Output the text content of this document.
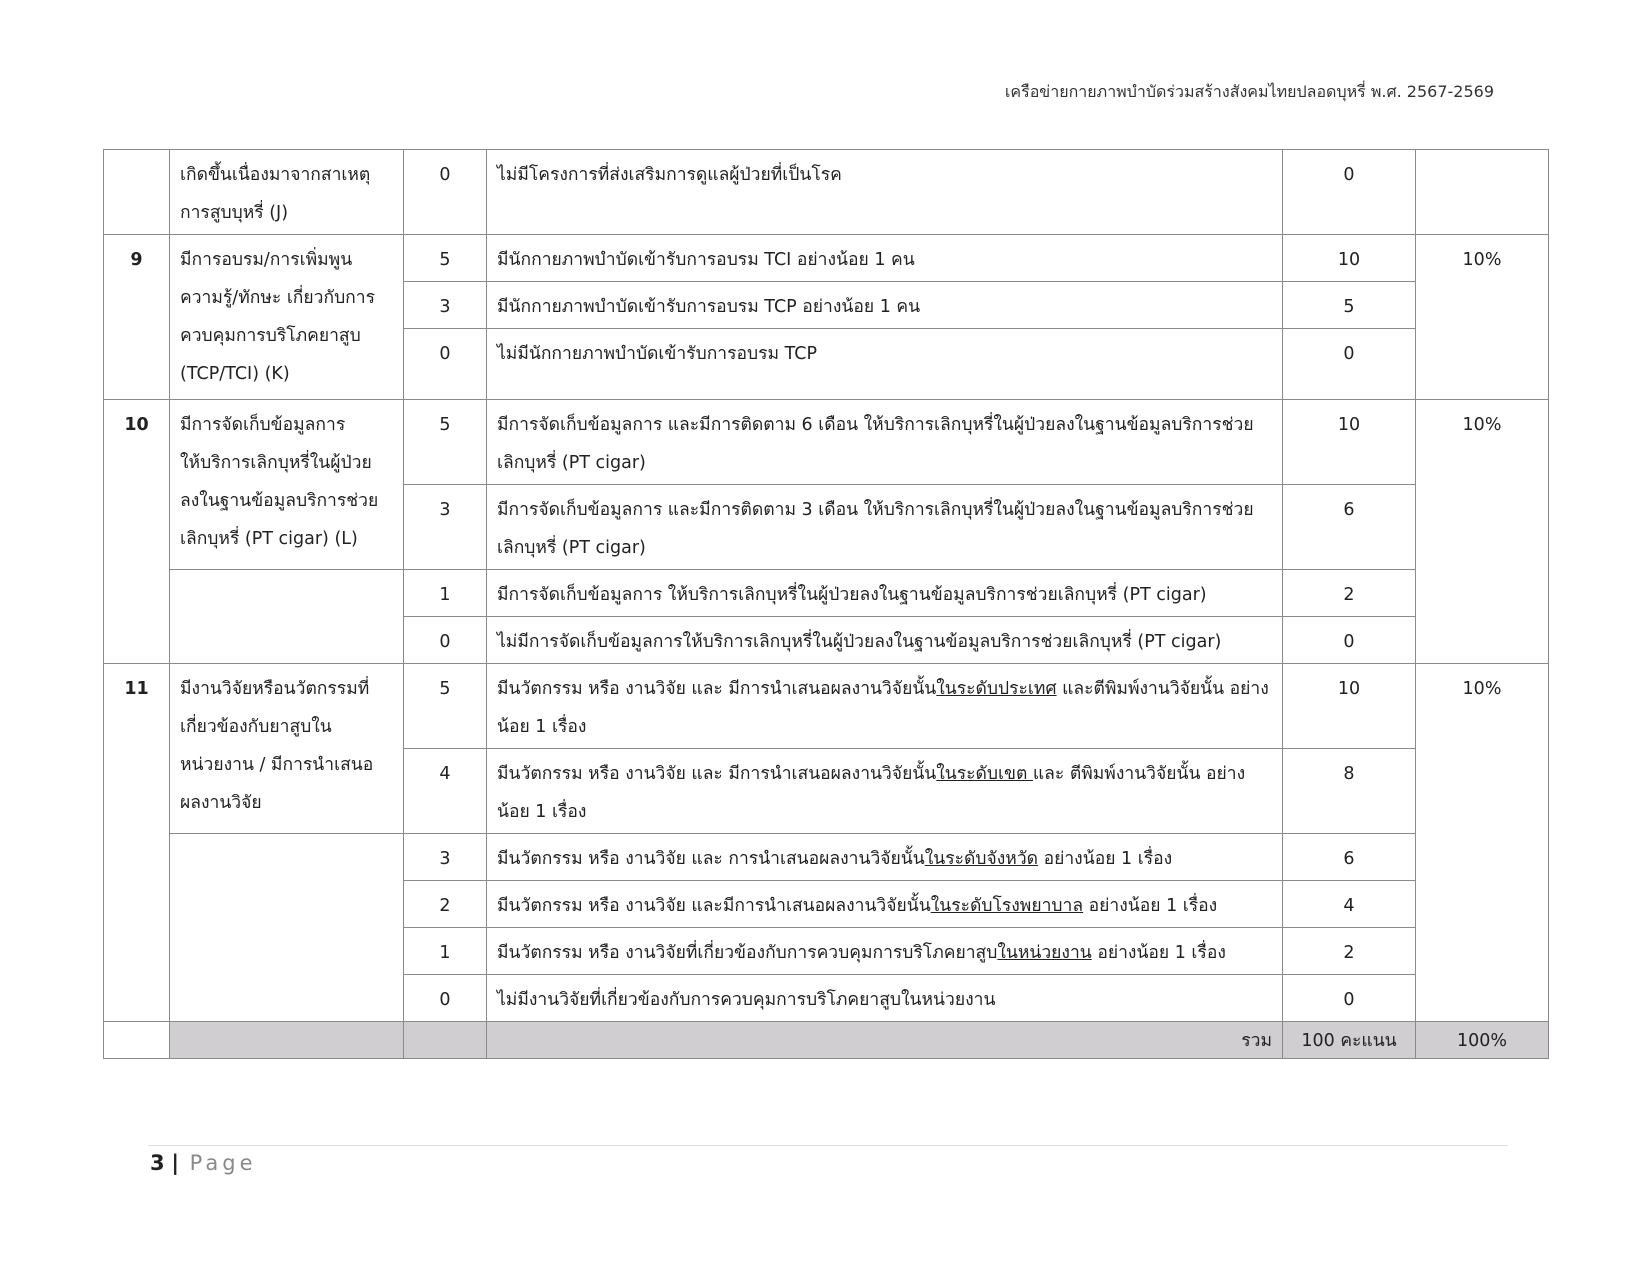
เครือข่ายกายภาพบำบัดร่วมสร้างสังคมไทยปลอดบุหรี่ พ.ศ. 2567-2569
	เกิดขึ้นเนื่องมาจากสาเหตุ
การสูบบุหรี่ (J)	0	ไม่มีโครงการที่ส่งเสริมการดูแลผู้ป่วยที่เป็นโรค	0	
9	มีการอบรม/การเพิ่มพูน
ความรู้/ทักษะ เกี่ยวกับการ
ควบคุมการบริโภคยาสูบ
(TCP/TCI) (K)	5	มีนักกายภาพบำบัดเข้ารับการอบรม TCI อย่างน้อย 1 คน	10	10%
		3	มีนักกายภาพบำบัดเข้ารับการอบรม TCP อย่างน้อย 1 คน	5	
		0	ไม่มีนักกายภาพบำบัดเข้ารับการอบรม TCP	0	
10	มีการจัดเก็บข้อมูลการ
ให้บริการเลิกบุหรี่ในผู้ป่วย
ลงในฐานข้อมูลบริการช่วย
เลิกบุหรี่ (PT cigar) (L)	5	มีการจัดเก็บข้อมูลการ และมีการติดตาม 6 เดือน ให้บริการเลิกบุหรี่ในผู้ป่วยลงในฐานข้อมูลบริการช่วยเลิกบุหรี่ (PT cigar)	10	10%
		3	มีการจัดเก็บข้อมูลการ และมีการติดตาม 3 เดือน ให้บริการเลิกบุหรี่ในผู้ป่วยลงในฐานข้อมูลบริการช่วยเลิกบุหรี่ (PT cigar)	6	
		1	มีการจัดเก็บข้อมูลการ ให้บริการเลิกบุหรี่ในผู้ป่วยลงในฐานข้อมูลบริการช่วยเลิกบุหรี่ (PT cigar)	2	
		0	ไม่มีการจัดเก็บข้อมูลการให้บริการเลิกบุหรี่ในผู้ป่วยลงในฐานข้อมูลบริการช่วยเลิกบุหรี่ (PT cigar)	0	
11	มีงานวิจัยหรือนวัตกรรมที่
เกี่ยวข้องกับยาสูบใน
หน่วยงาน / มีการนำเสนอ
ผลงานวิจัย	5	มีนวัตกรรม หรือ งานวิจัย และ มีการนำเสนอผลงานวิจัยนั้นในระดับประเทศ และตีพิมพ์งานวิจัยนั้น อย่างน้อย 1 เรื่อง	10	10%
		4	มีนวัตกรรม หรือ งานวิจัย และ มีการนำเสนอผลงานวิจัยนั้นในระดับเขต และ ตีพิมพ์งานวิจัยนั้น อย่างน้อย 1 เรื่อง	8	
		3	มีนวัตกรรม หรือ งานวิจัย และ การนำเสนอผลงานวิจัยนั้นในระดับจังหวัด อย่างน้อย 1 เรื่อง	6	
		2	มีนวัตกรรม หรือ งานวิจัย และมีการนำเสนอผลงานวิจัยนั้นในระดับโรงพยาบาล อย่างน้อย 1 เรื่อง	4	
		1	มีนวัตกรรม หรือ งานวิจัยที่เกี่ยวข้องกับการควบคุมการบริโภคยาสูบในหน่วยงาน อย่างน้อย 1 เรื่อง	2	
		0	ไม่มีงานวิจัยที่เกี่ยวข้องกับการควบคุมการบริโภคยาสูบในหน่วยงาน	0	
			รวม	100 คะแนน	100%
3 | Page
